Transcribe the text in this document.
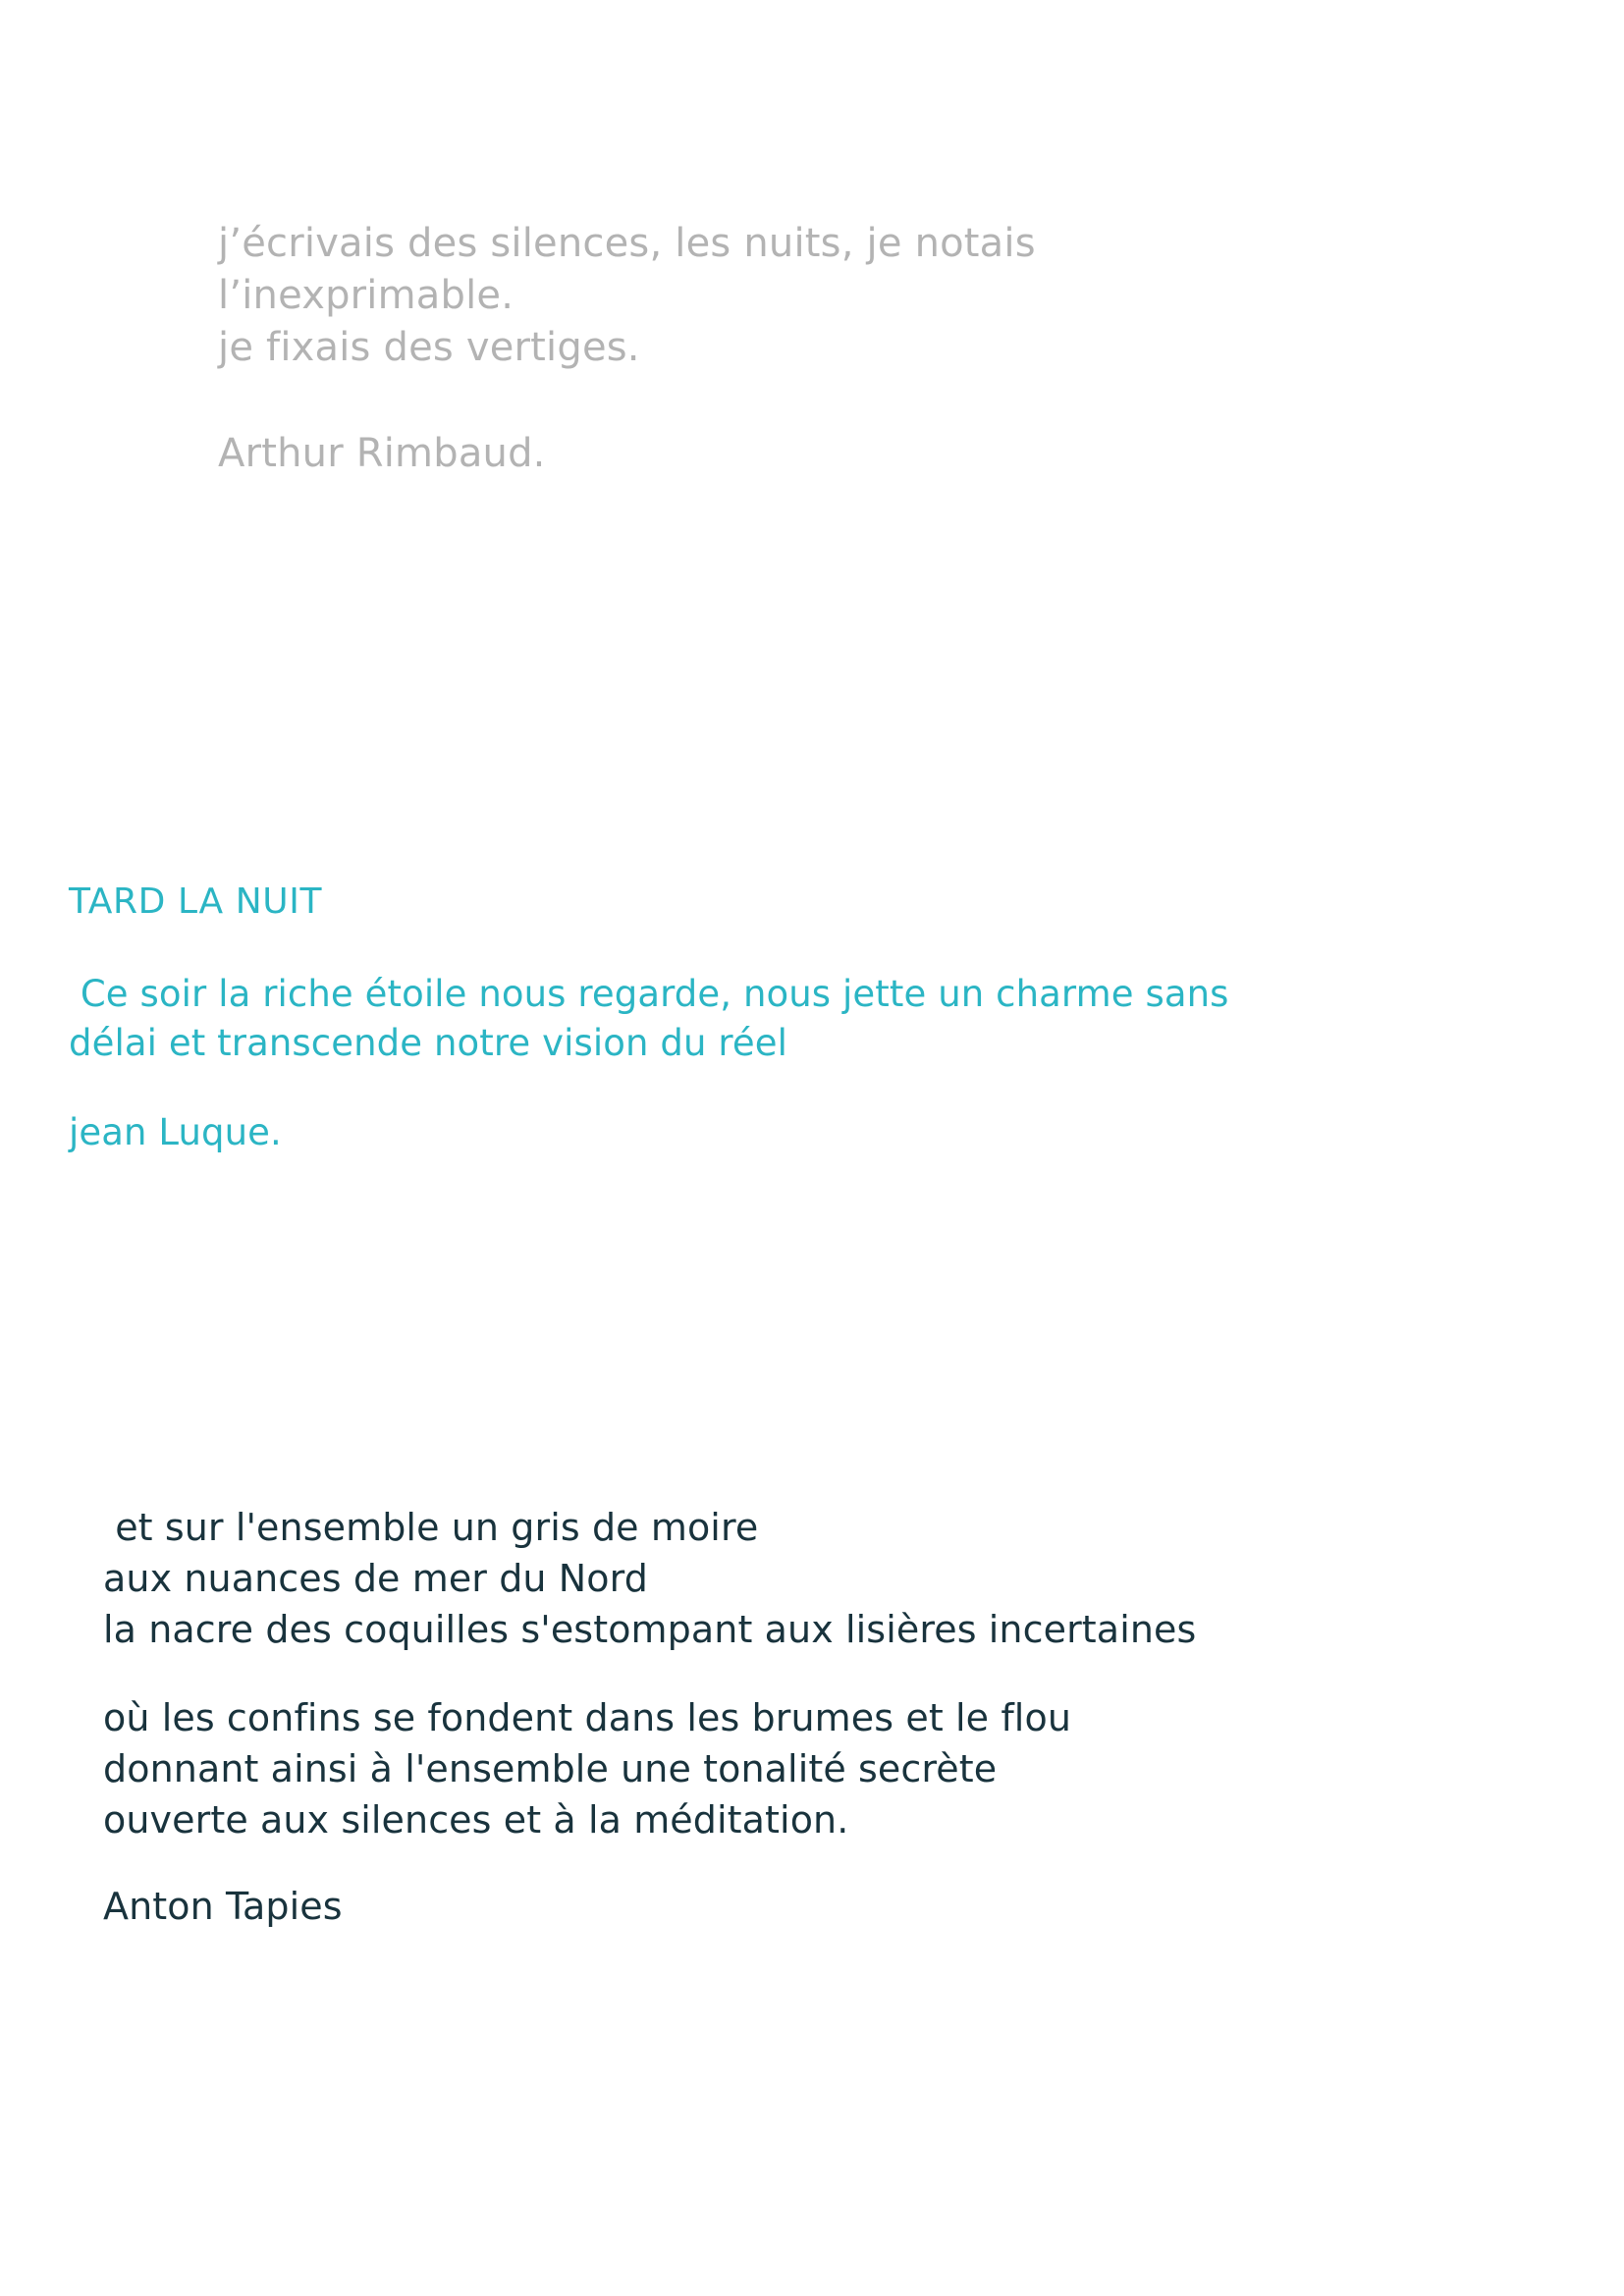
j’écrivais des silences, les nuits, je notais
l’inexprimable.
je fixais des vertiges.
Arthur Rimbaud.
TARD LA NUIT
Ce soir la riche étoile nous regarde, nous jette un charme sans
délai et transcende notre vision du réel
jean Luque.
et sur l'ensemble un gris de moire
aux nuances de mer du Nord
la nacre des coquilles s'estompant aux lisières incertaines
où les confins se fondent dans les brumes et le flou
donnant ainsi à l'ensemble une tonalité secrète
ouverte aux silences et à la méditation.
Anton Tapies
